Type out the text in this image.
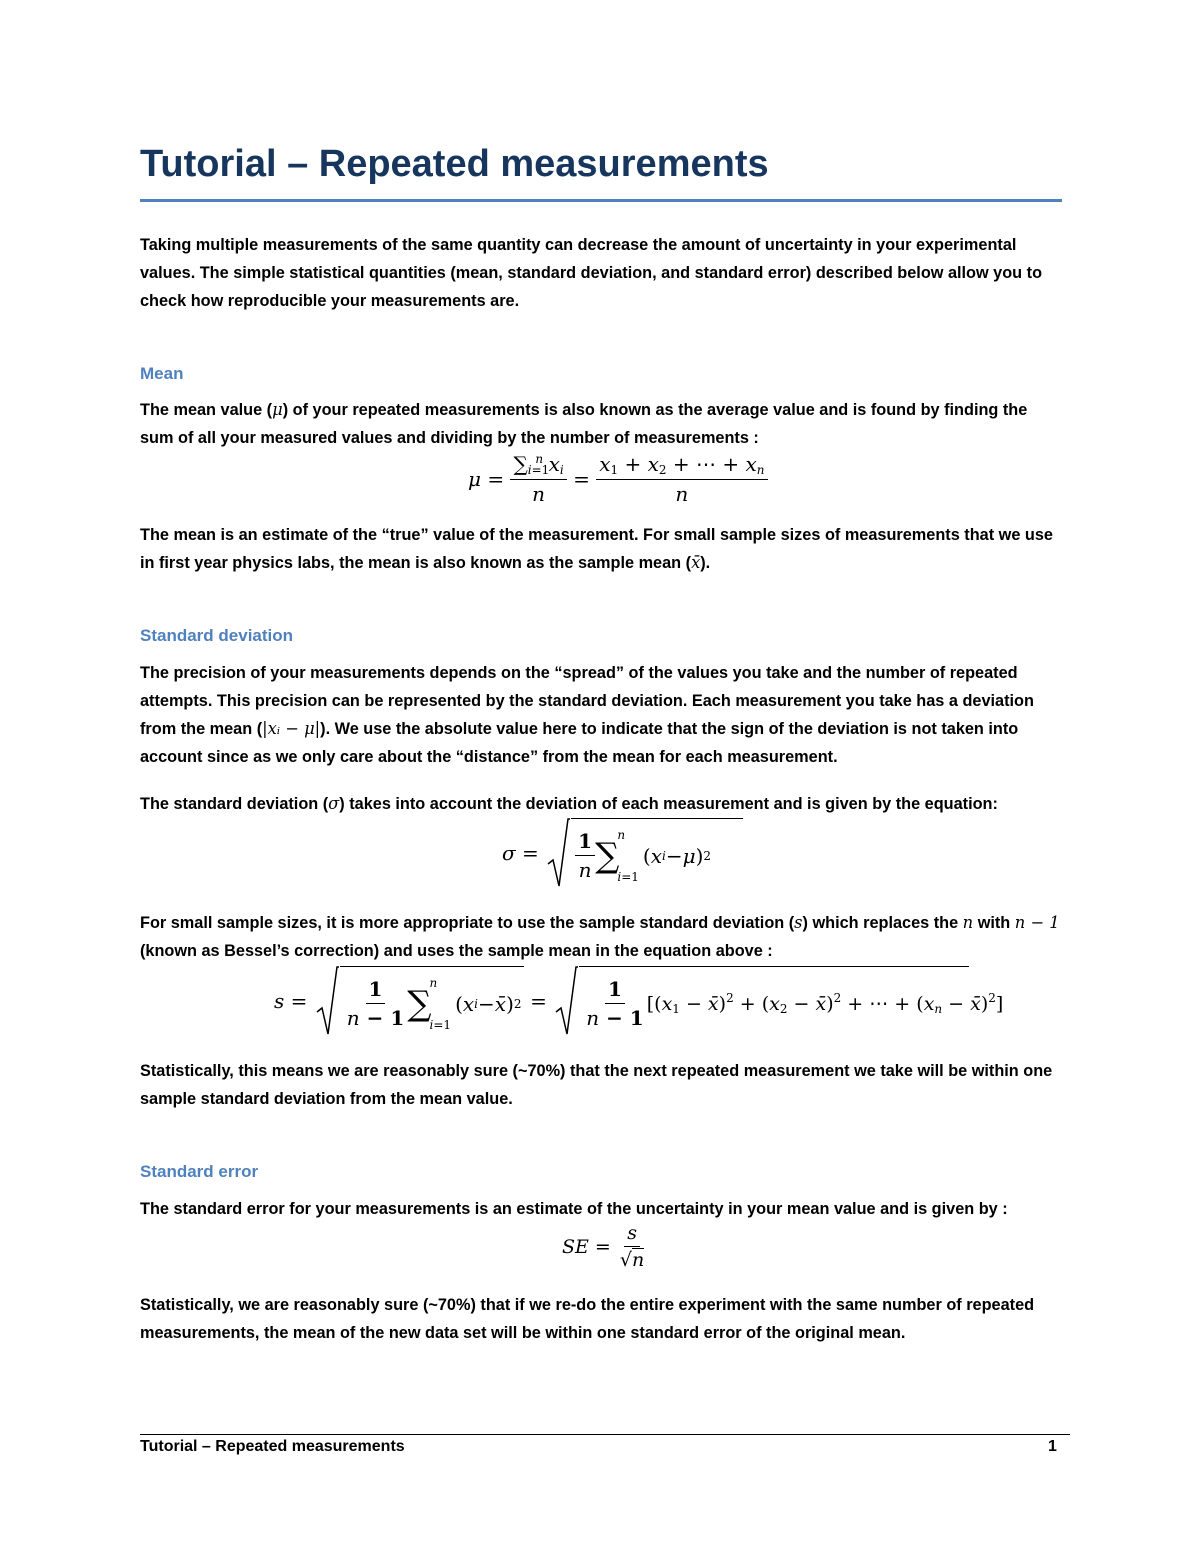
Tutorial – Repeated measurements

Taking multiple measurements of the same quantity can decrease the amount of uncertainty in your experimental values. The simple statistical quantities (mean, standard deviation, and standard error) described below allow you to check how reproducible your measurements are.

Mean

The mean value (μ) of your repeated measurements is also known as the average value and is found by finding the sum of all your measured values and dividing by the number of measurements :

$\mu = \frac{\sum_{i=1}^n x_i}{n} = \frac{x_1 + x_2 + \cdots + x_n}{n}$

The mean is an estimate of the “true” value of the measurement. For small sample sizes of measurements that we use in first year physics labs, the mean is also known as the sample mean (x̄).

Standard deviation

The precision of your measurements depends on the “spread” of the values you take and the number of repeated attempts. This precision can be represented by the standard deviation. Each measurement you take has a deviation from the mean (|xᵢ − μ|). We use the absolute value here to indicate that the sign of the deviation is not taken into account since as we only care about the “distance” from the mean for each measurement.

The standard deviation (σ) takes into account the deviation of each measurement and is given by the equation:

$\sigma = \frac{1}{n}$ ∑
n
i=1
( x i − μ ) 2

For small sample sizes, it is more appropriate to use the sample standard deviation (s) which replaces the n with n − 1 (known as Bessel’s correction) and uses the sample mean in the equation above :

$s = \frac{1}{n - 1}$ ∑
n
i=1
( x i − x̄ ) $2 = \frac{1}{n - 1} [(x_1$ − x̄)$^2$ + ($x_2$ − x̄)$^2$ + ⋯ + ($x_n$ − x̄)$^2$]

Statistically, this means we are reasonably sure (~70%) that the next repeated measurement we take will be within one sample standard deviation from the mean value.

Standard error

The standard error for your measurements is an estimate of the uncertainty in your mean value and is given by :

SE = $\frac{s}{√n}$

Statistically, we are reasonably sure (~70%) that if we re-do the entire experiment with the same number of repeated measurements, the mean of the new data set will be within one standard error of the original mean.

Tutorial – Repeated measurements	1
